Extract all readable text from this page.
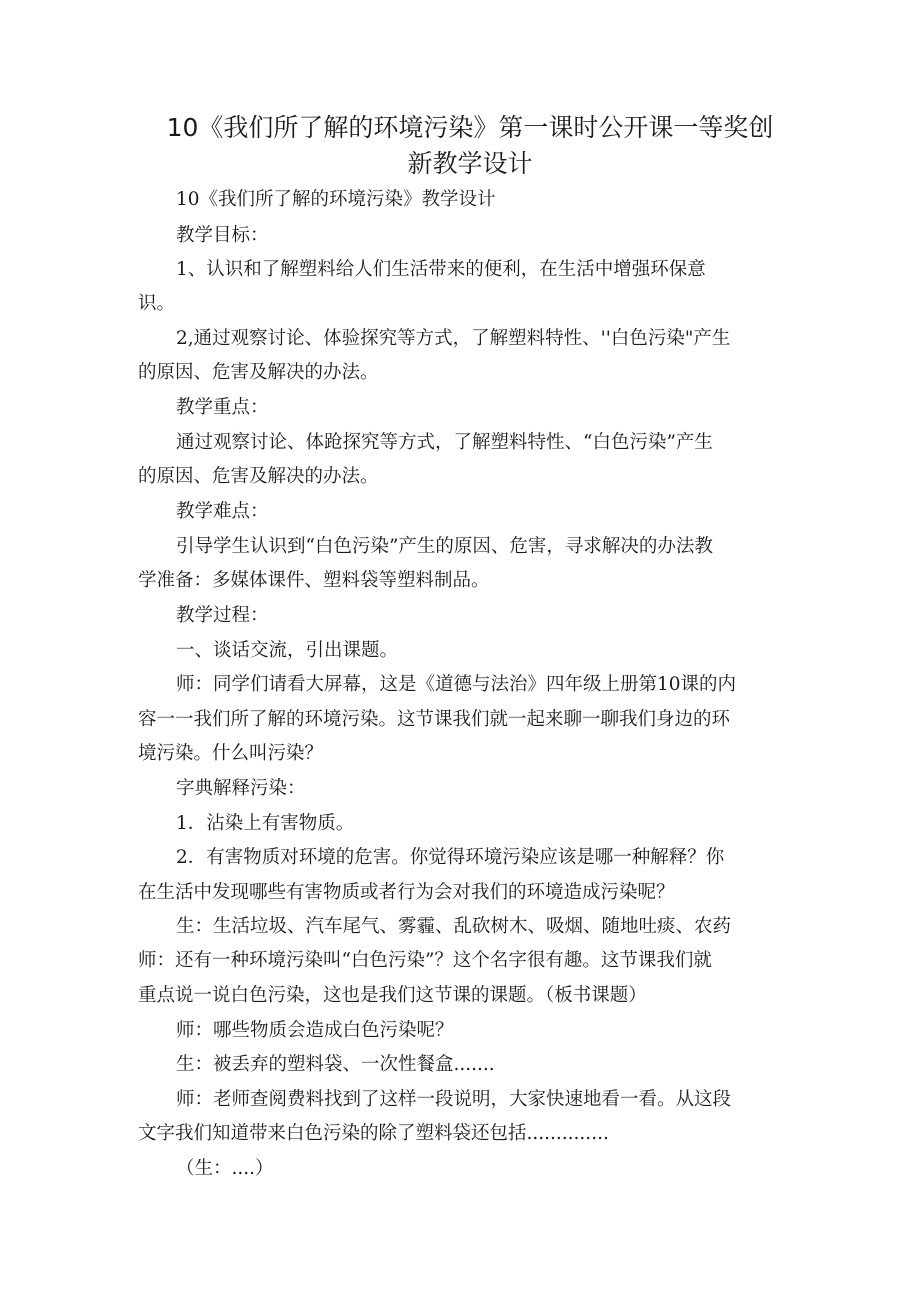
10《我们所了解的环境污染》第一课时公开课一等奖创
新教学设计

10《我们所了解的环境污染》教学设计

教学目标：

1、认识和了解塑料给人们生活带来的便利，在生活中增强环保意

识。

2,通过观察讨论、体验探究等方式，了解塑料特性、''白色污染"产生

的原因、危害及解决的办法。

教学重点：

通过观察讨论、体跄探究等方式，了解塑料特性、“白色污染”产生

的原因、危害及解决的办法。

教学难点：

引导学生认识到“白色污染”产生的原因、危害，寻求解决的办法教

学准备：多媒体课件、塑料袋等塑料制品。

教学过程：

一、谈话交流，引出课题。

师：同学们请看大屏幕，这是《道德与法治》四年级上册第10课的内

容一一我们所了解的环境污染。这节课我们就一起来聊一聊我们身边的环

境污染。什么叫污染？

字典解释污染：

1．沾染上有害物质。

2．有害物质对环境的危害。你觉得环境污染应该是哪一种解释？你

在生活中发现哪些有害物质或者行为会对我们的环境造成污染呢？

生：生活垃圾、汽车尾气、雾霾、乱砍树木、吸烟、随地吐痰、农药

师：还有一种环境污染叫“白色污染”？这个名字很有趣。这节课我们就

重点说一说白色污染，这也是我们这节课的课题。（板书课题）

师：哪些物质会造成白色污染呢？

生：被丢弃的塑料袋、一次性餐盒.......

师：老师查阅费料找到了这样一段说明，大家快速地看一看。从这段

文字我们知道带来白色污染的除了塑料袋还包括..............

（生：....）
